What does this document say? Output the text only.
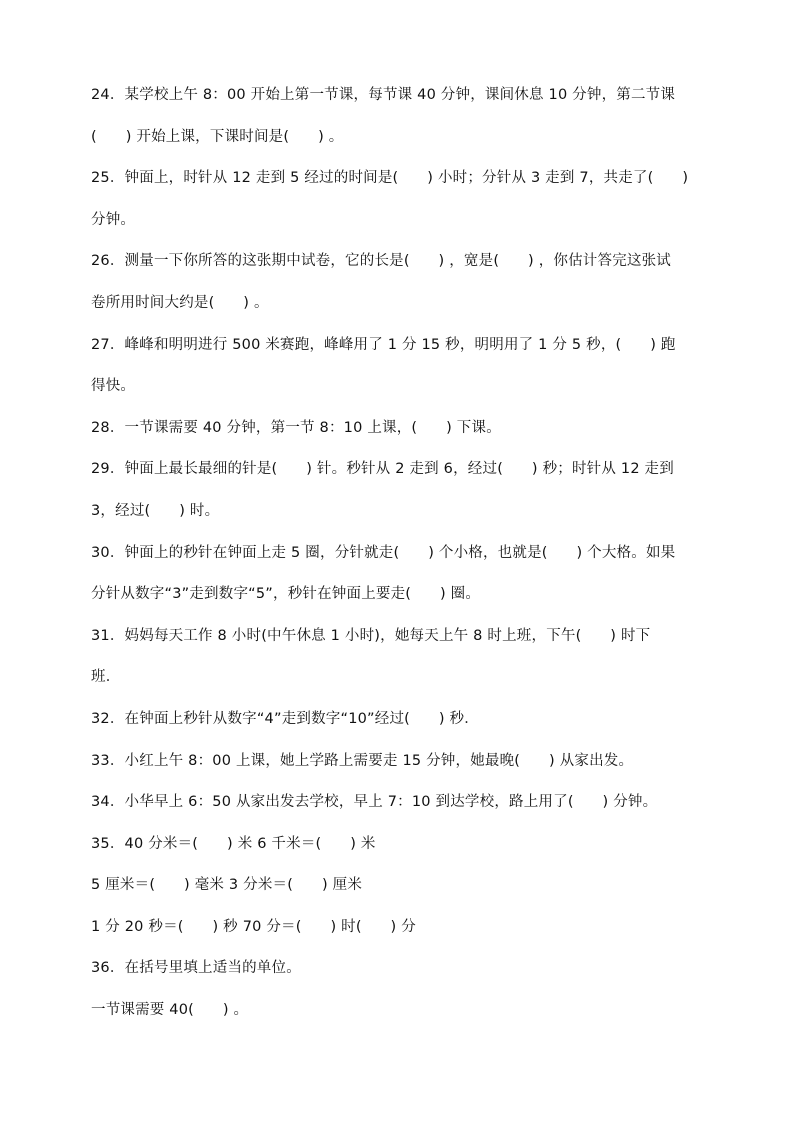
24．某学校上午 8：00 开始上第一节课，每节课 40 分钟，课间休息 10 分钟，第二节课
(      ) 开始上课，下课时间是(      ) 。
25．钟面上，时针从 12 走到 5 经过的时间是(      ) 小时；分针从 3 走到 7，共走了(      )
分钟。
26．测量一下你所答的这张期中试卷，它的长是(      ) ，宽是(      ) ，你估计答完这张试
卷所用时间大约是(      ) 。
27．峰峰和明明进行 500 米赛跑，峰峰用了 1 分 15 秒，明明用了 1 分 5 秒，(      ) 跑
得快。
28．一节课需要 40 分钟，第一节 8：10 上课，(      ) 下课。
29．钟面上最长最细的针是(      ) 针。秒针从 2 走到 6，经过(      ) 秒；时针从 12 走到
3，经过(      ) 时。
30．钟面上的秒针在钟面上走 5 圈，分针就走(      ) 个小格，也就是(      ) 个大格。如果
分针从数字“3”走到数字“5”，秒针在钟面上要走(      ) 圈。
31．妈妈每天工作 8 小时(中午休息 1 小时)，她每天上午 8 时上班，下午(      ) 时下
班．
32．在钟面上秒针从数字“4”走到数字“10”经过(      ) 秒．
33．小红上午 8：00 上课，她上学路上需要走 15 分钟，她最晚(      ) 从家出发。
34．小华早上 6：50 从家出发去学校，早上 7：10 到达学校，路上用了(      ) 分钟。
35．40 分米＝(      ) 米 6 千米＝(      ) 米
5 厘米＝(      ) 毫米 3 分米＝(      ) 厘米
1 分 20 秒＝(      ) 秒 70 分＝(      ) 时(      ) 分
36．在括号里填上适当的单位。
一节课需要 40(      ) 。
